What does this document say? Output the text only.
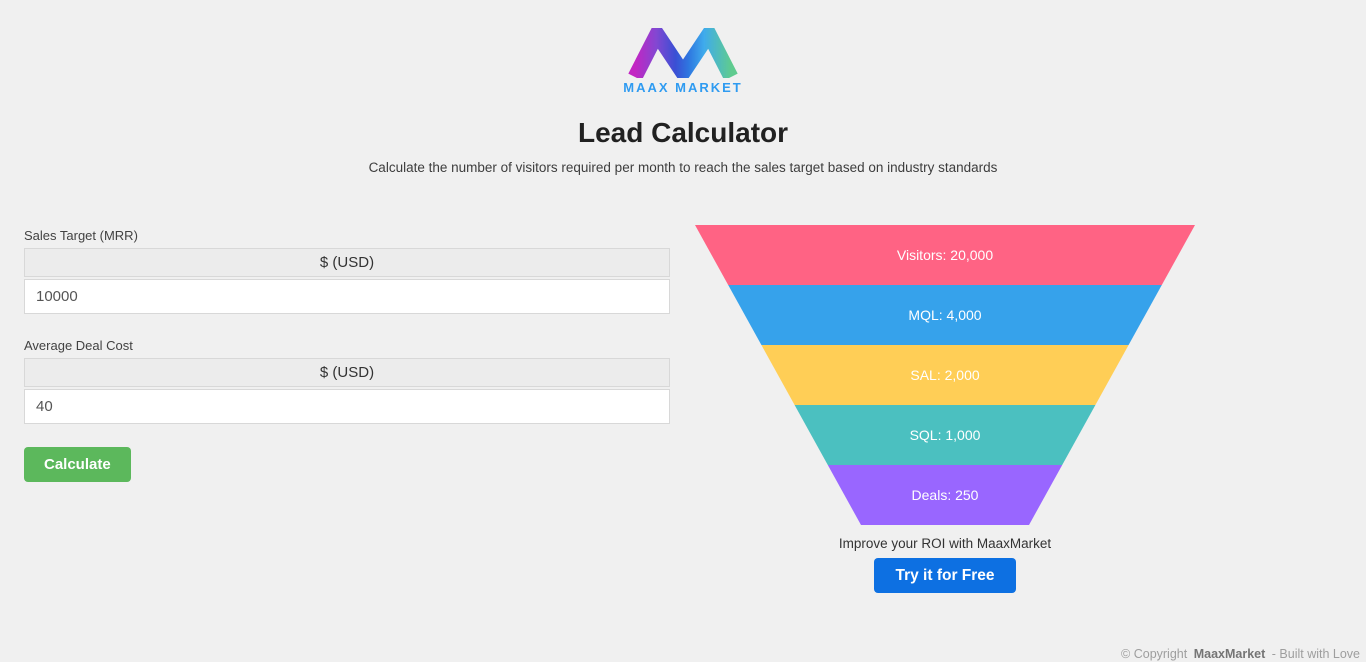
MAAX MARKET
Lead Calculator
Calculate the number of visitors required per month to reach the sales target based on industry standards
Sales Target (MRR)
$ (USD)
10000
Average Deal Cost
$ (USD)
40
Calculate
Visitors: 20,000
MQL: 4,000
SAL: 2,000
SQL: 1,000
Deals: 250
Improve your ROI with MaaxMarket
Try it for Free
© Copyright MaaxMarket - Built with Love
